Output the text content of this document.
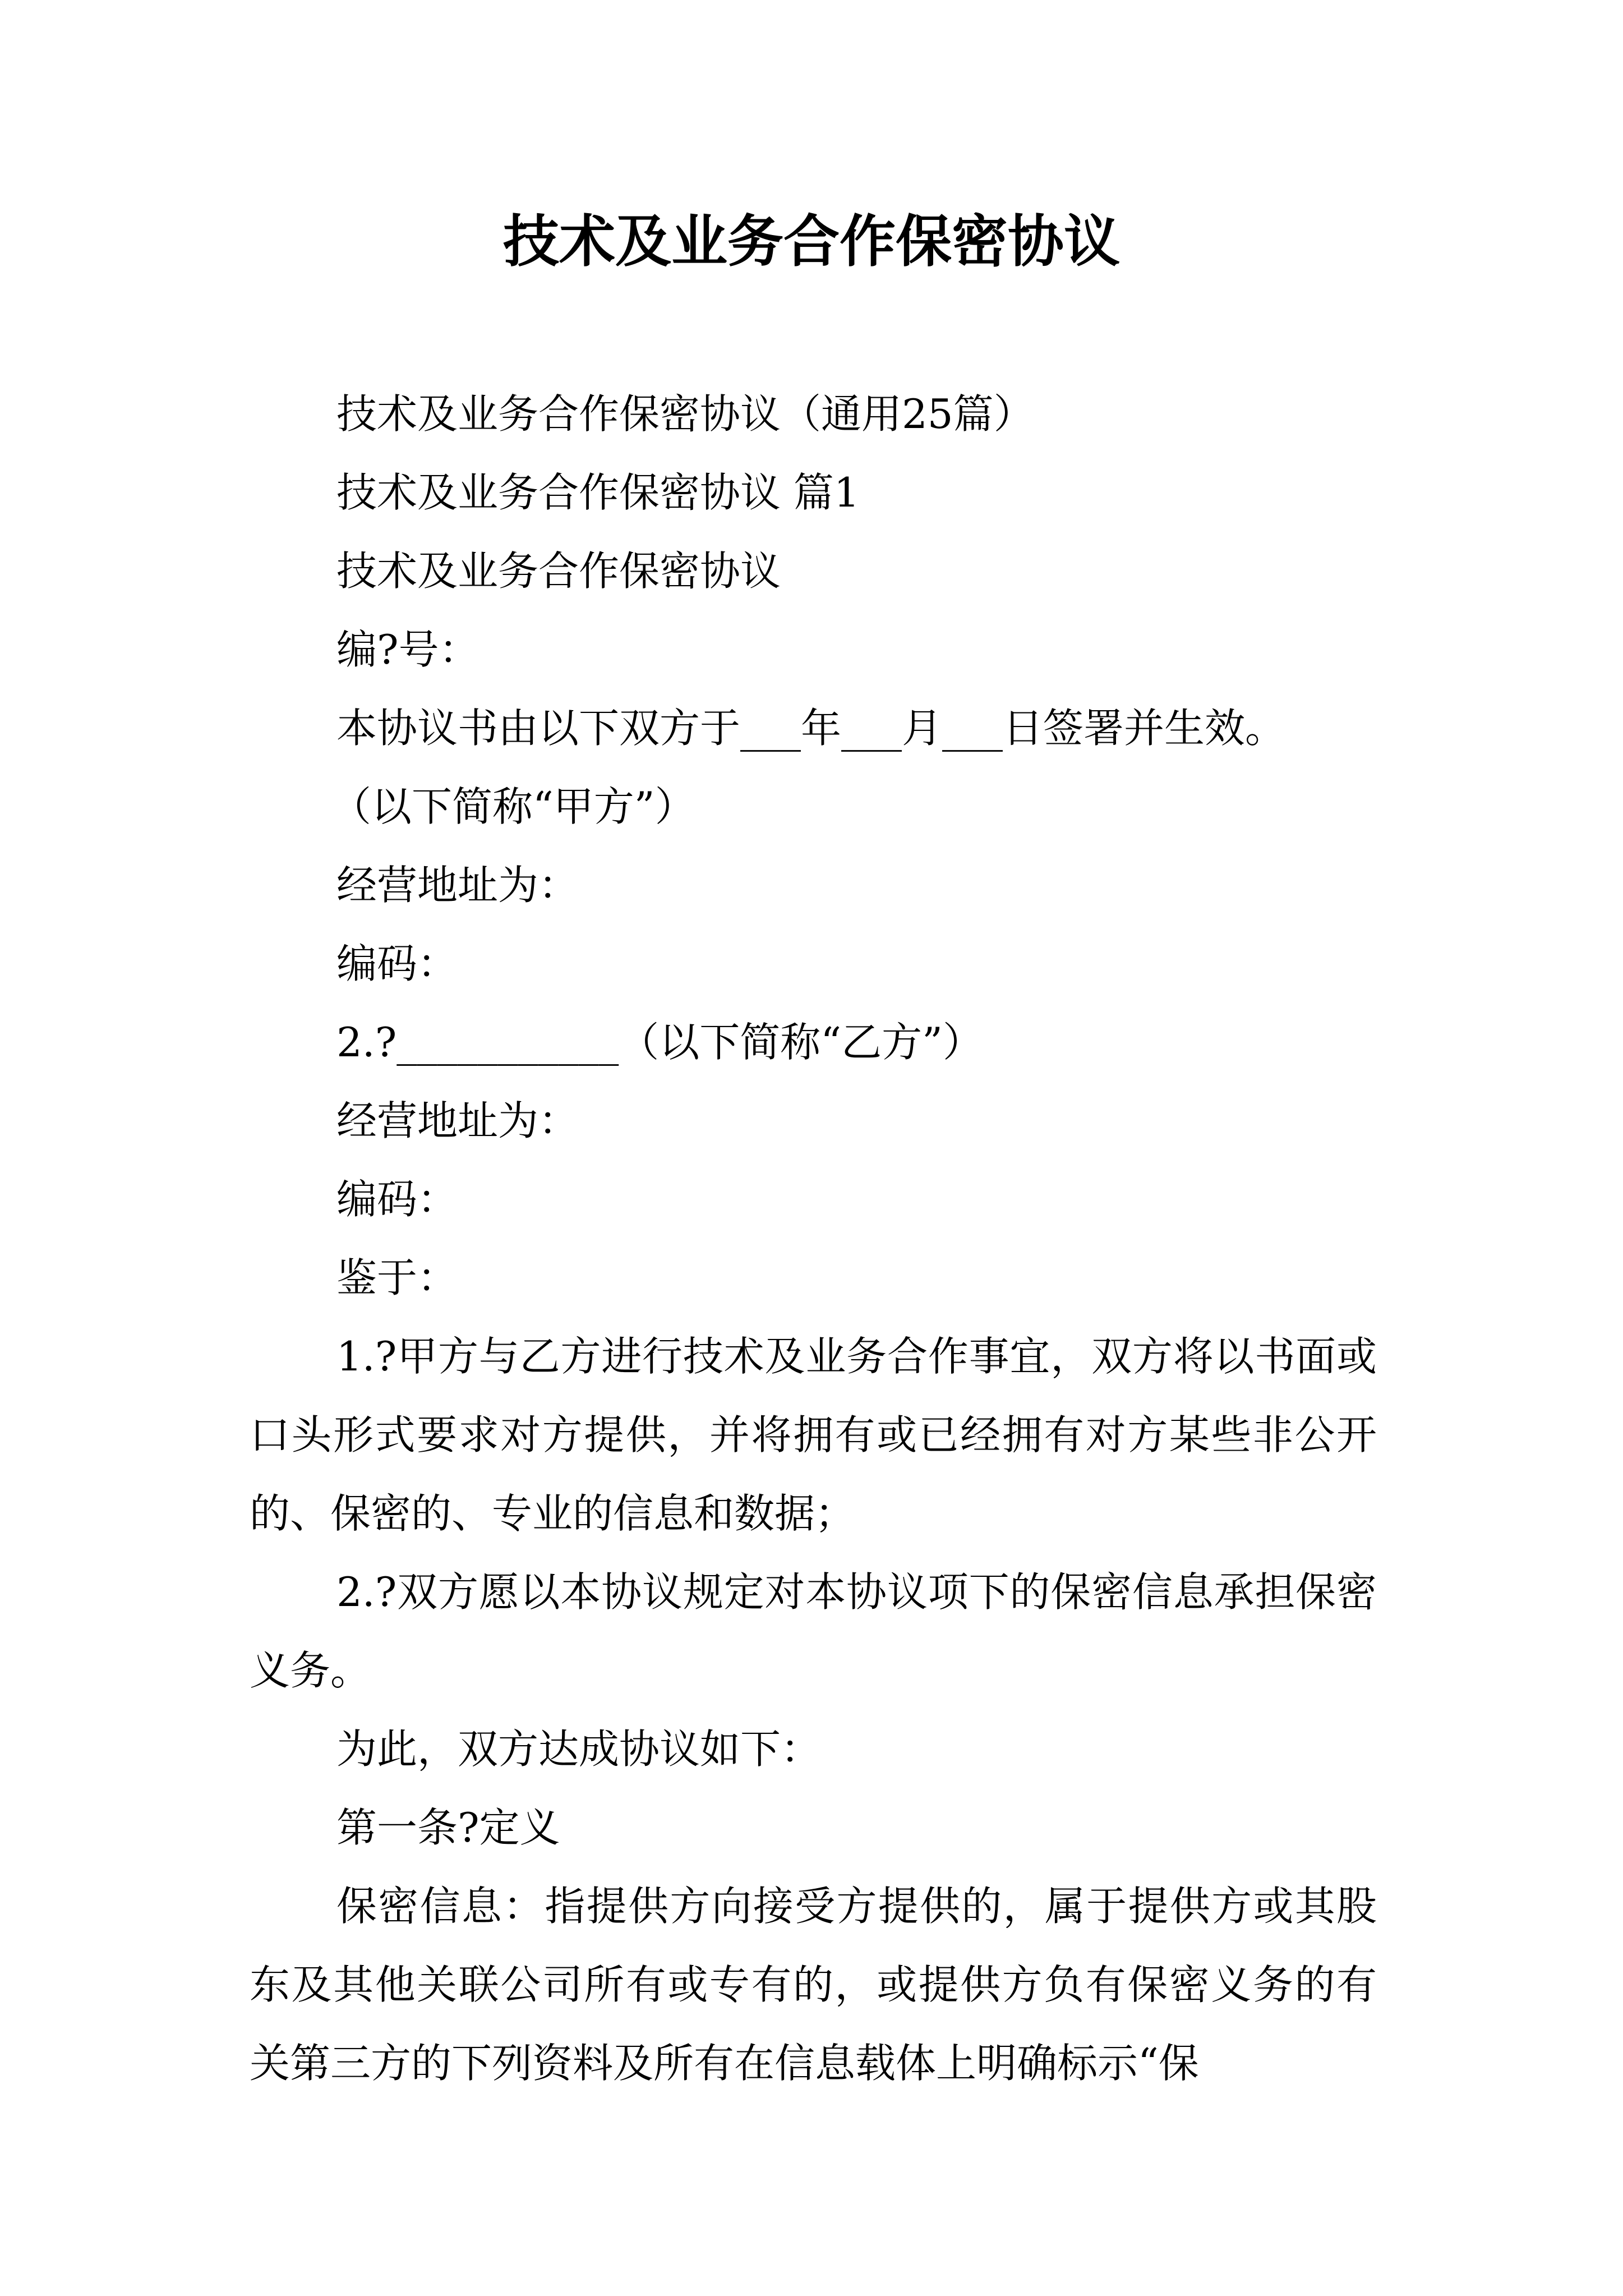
技术及业务合作保密协议

技术及业务合作保密协议（通用25篇）

技术及业务合作保密协议 篇1

技术及业务合作保密协议

编?号：

本协议书由以下双方于___年___月___日签署并生效。

（以下简称“甲方”）

经营地址为：

编码：

2.?___________（以下简称“乙方”）

经营地址为：

编码：

鉴于：

1.?甲方与乙方进行技术及业务合作事宜，双方将以书面或口头形式要求对方提供，并将拥有或已经拥有对方某些非公开的、保密的、专业的信息和数据；

2.?双方愿以本协议规定对本协议项下的保密信息承担保密义务。

为此，双方达成协议如下：

第一条?定义

保密信息：指提供方向接受方提供的，属于提供方或其股东及其他关联公司所有或专有的，或提供方负有保密义务的有关第三方的下列资料及所有在信息载体上明确标示“保
